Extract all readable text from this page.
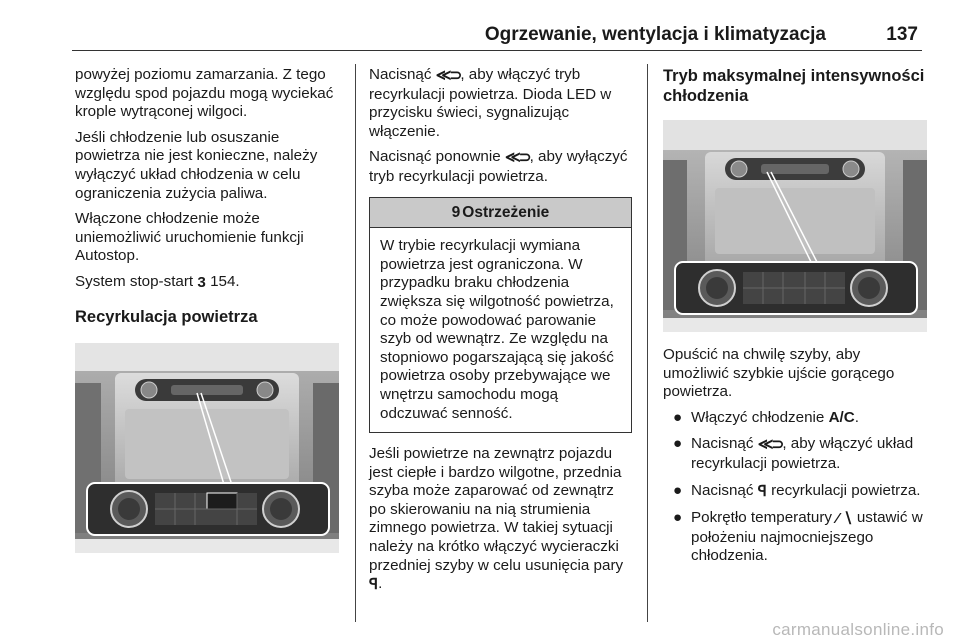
Ogrzewanie, wentylacja i klimatyzacja	137

powyżej poziomu zamarzania. Z tego względu spod pojazdu mogą wyciekać krople wytrąconej wilgoci.

Jeśli chłodzenie lub osuszanie powietrza nie jest konieczne, należy wyłączyć układ chłodzenia w celu ograniczenia zużycia paliwa.

Włączone chłodzenie może uniemożliwić uruchomienie funkcji Autostop.

System stop-start 3 154.

Recyrkulacja powietrza

Nacisnąć ≪⊃, aby włączyć tryb recyrkulacji powietrza. Dioda LED w przycisku świeci, sygnalizując włączenie.

Nacisnąć ponownie ≪⊃, aby wyłączyć tryb recyrkulacji powietrza.

9 Ostrzeżenie
W trybie recyrkulacji wymiana powietrza jest ograniczona. W przypadku braku chłodzenia zwiększa się wilgotność powietrza, co może powodować parowanie szyb od wewnątrz. Ze względu na stopniowo pogarszającą się jakość powietrza osoby przebywające we wnętrzu samochodu mogą odczuwać senność.

Jeśli powietrze na zewnątrz pojazdu jest ciepłe i bardzo wilgotne, przednia szyba może zaparować od zewnątrz po skierowaniu na nią strumienia zimnego powietrza. W takiej sytuacji należy na krótko włączyć wycieraczki przedniej szyby w celu usunięcia pary ꟼ.

Tryb maksymalnej intensywności chłodzenia

Opuścić na chwilę szyby, aby umożliwić szybkie ujście gorącego powietrza.

● Włączyć chłodzenie A/C.
● Nacisnąć ≪⊃, aby włączyć układ recyrkulacji powietrza.
● Nacisnąć ꟼ recyrkulacji powietrza.
● Pokrętło temperatury ⁄ ∖ ustawić w położeniu najmocniejszego chłodzenia.
carmanualsonline.info
